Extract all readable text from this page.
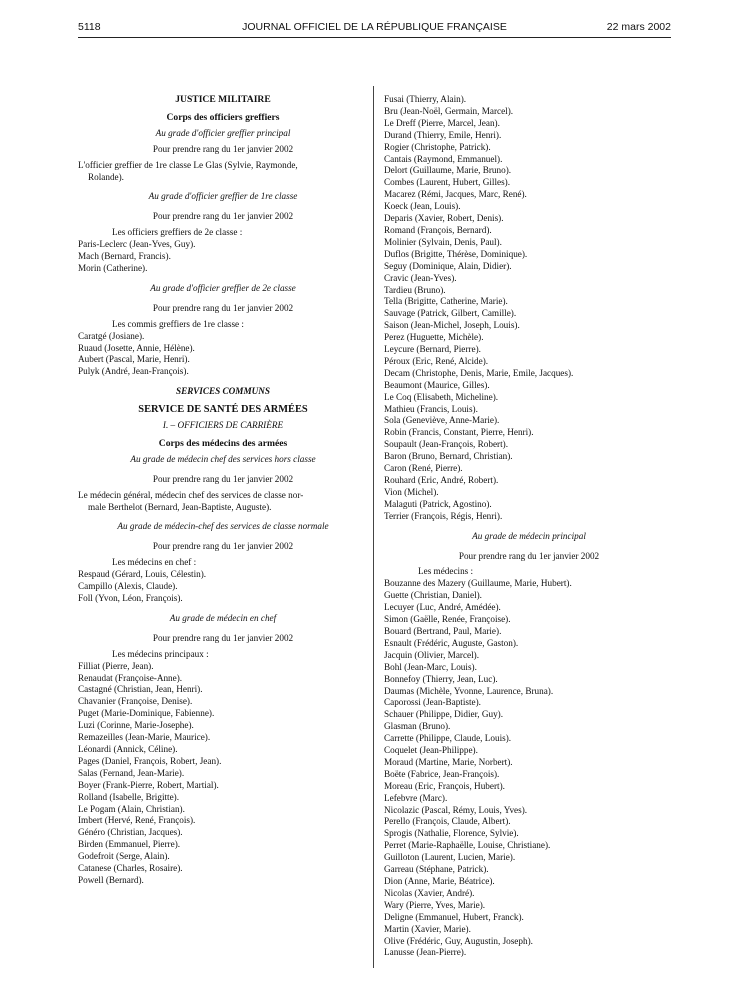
5118	JOURNAL OFFICIEL DE LA RÉPUBLIQUE FRANÇAISE	22 mars 2002
JUSTICE MILITAIRE
Corps des officiers greffiers
Au grade d'officier greffier principal
Pour prendre rang du 1er janvier 2002
L'officier greffier de 1re classe Le Glas (Sylvie, Raymonde,
Rolande).
Au grade d'officier greffier de 1re classe
Pour prendre rang du 1er janvier 2002
Les officiers greffiers de 2e classe :
Paris-Leclerc (Jean-Yves, Guy).
Mach (Bernard, Francis).
Morin (Catherine).
Au grade d'officier greffier de 2e classe
Pour prendre rang du 1er janvier 2002
Les commis greffiers de 1re classe :
Caratgé (Josiane).
Ruaud (Josette, Annie, Hélène).
Aubert (Pascal, Marie, Henri).
Pulyk (André, Jean-François).
SERVICES COMMUNS
SERVICE DE SANTÉ DES ARMÉES
I. – OFFICIERS DE CARRIÈRE
Corps des médecins des armées
Au grade de médecin chef des services hors classe
Pour prendre rang du 1er janvier 2002
Le médecin général, médecin chef des services de classe nor-
male Berthelot (Bernard, Jean-Baptiste, Auguste).
Au grade de médecin-chef des services de classe normale
Pour prendre rang du 1er janvier 2002
Les médecins en chef :
Respaud (Gérard, Louis, Célestin).
Campillo (Alexis, Claude).
Foll (Yvon, Léon, François).
Au grade de médecin en chef
Pour prendre rang du 1er janvier 2002
Les médecins principaux :
Filliat (Pierre, Jean).
Renaudat (Françoise-Anne).
Castagné (Christian, Jean, Henri).
Chavanier (Françoise, Denise).
Puget (Marie-Dominique, Fabienne).
Luzi (Corinne, Marie-Josephe).
Remazeilles (Jean-Marie, Maurice).
Léonardi (Annick, Céline).
Pages (Daniel, François, Robert, Jean).
Salas (Fernand, Jean-Marie).
Boyer (Frank-Pierre, Robert, Martial).
Rolland (Isabelle, Brigitte).
Le Pogam (Alain, Christian).
Imbert (Hervé, René, François).
Généro (Christian, Jacques).
Birden (Emmanuel, Pierre).
Godefroit (Serge, Alain).
Catanese (Charles, Rosaire).
Powell (Bernard).
Fusai (Thierry, Alain).
Bru (Jean-Noël, Germain, Marcel).
Le Dreff (Pierre, Marcel, Jean).
Durand (Thierry, Emile, Henri).
Rogier (Christophe, Patrick).
Cantais (Raymond, Emmanuel).
Delort (Guillaume, Marie, Bruno).
Combes (Laurent, Hubert, Gilles).
Macarez (Rémi, Jacques, Marc, René).
Koeck (Jean, Louis).
Deparis (Xavier, Robert, Denis).
Romand (François, Bernard).
Molinier (Sylvain, Denis, Paul).
Duflos (Brigitte, Thérèse, Dominique).
Seguy (Dominique, Alain, Didier).
Cravic (Jean-Yves).
Tardieu (Bruno).
Tella (Brigitte, Catherine, Marie).
Sauvage (Patrick, Gilbert, Camille).
Saison (Jean-Michel, Joseph, Louis).
Perez (Huguette, Michèle).
Leycure (Bernard, Pierre).
Péroux (Eric, René, Alcide).
Decam (Christophe, Denis, Marie, Emile, Jacques).
Beaumont (Maurice, Gilles).
Le Coq (Elisabeth, Micheline).
Mathieu (Francis, Louis).
Sola (Geneviève, Anne-Marie).
Robin (Francis, Constant, Pierre, Henri).
Soupault (Jean-François, Robert).
Baron (Bruno, Bernard, Christian).
Caron (René, Pierre).
Rouhard (Eric, André, Robert).
Vion (Michel).
Malaguti (Patrick, Agostino).
Terrier (François, Régis, Henri).
Au grade de médecin principal
Pour prendre rang du 1er janvier 2002
Les médecins :
Bouzanne des Mazery (Guillaume, Marie, Hubert).
Guette (Christian, Daniel).
Lecuyer (Luc, André, Amédée).
Simon (Gaëlle, Renée, Françoise).
Bouard (Bertrand, Paul, Marie).
Esnault (Frédéric, Auguste, Gaston).
Jacquin (Olivier, Marcel).
Bohl (Jean-Marc, Louis).
Bonnefoy (Thierry, Jean, Luc).
Daumas (Michèle, Yvonne, Laurence, Bruna).
Caporossi (Jean-Baptiste).
Schauer (Philippe, Didier, Guy).
Glasman (Bruno).
Carrette (Philippe, Claude, Louis).
Coquelet (Jean-Philippe).
Moraud (Martine, Marie, Norbert).
Boëte (Fabrice, Jean-François).
Moreau (Eric, François, Hubert).
Lefebvre (Marc).
Nicolazic (Pascal, Rémy, Louis, Yves).
Perello (François, Claude, Albert).
Sprogis (Nathalie, Florence, Sylvie).
Perret (Marie-Raphaëlle, Louise, Christiane).
Guilloton (Laurent, Lucien, Marie).
Garreau (Stéphane, Patrick).
Dion (Anne, Marie, Béatrice).
Nicolas (Xavier, André).
Wary (Pierre, Yves, Marie).
Deligne (Emmanuel, Hubert, Franck).
Martin (Xavier, Marie).
Olive (Frédéric, Guy, Augustin, Joseph).
Lanusse (Jean-Pierre).
